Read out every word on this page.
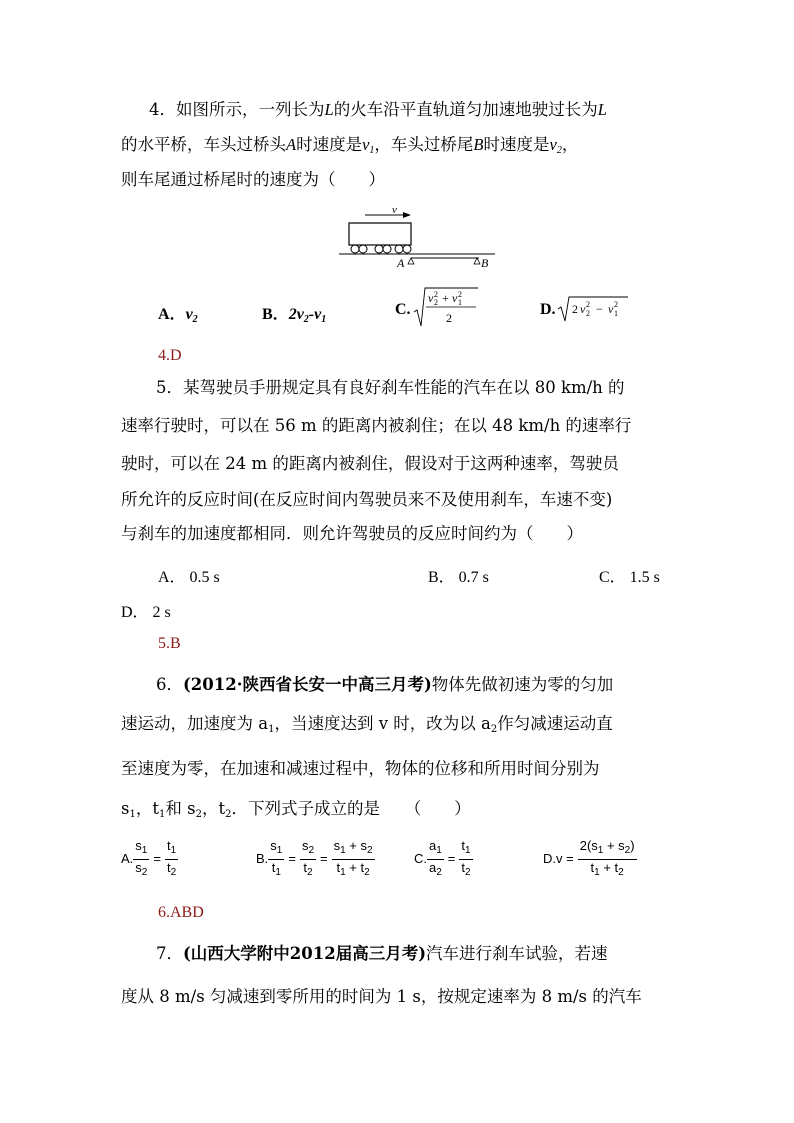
4．如图所示，一列长为L的火车沿平直轨道匀加速地驶过长为L
的水平桥，车头过桥头A时速度是$v_1$，车头过桥尾B时速度是$v_2$，
则车尾通过桥尾时的速度为（　　）
v
A	B
A．$v_2$	B．$2v_2-v_1$
C.
v 2
2 + v 1
2
2	D. 2 v 2
2 − v 1
2
4.D
5．某驾驶员手册规定具有良好刹车性能的汽车在以 80 km/h 的
速率行驶时，可以在 56 m 的距离内被刹住；在以 48 km/h 的速率行
驶时，可以在 24 m 的距离内被刹住，假设对于这两种速率，驾驶员
所允许的反应时间(在反应时间内驾驶员来不及使用刹车，车速不变)
与刹车的加速度都相同．则允许驾驶员的反应时间约为（　　）
A． 0.5 s	B． 0.7 s	C． 1.5 s
D． 2 s
5.B
6．(2012·陕西省长安一中高三月考)物体先做初速为零的匀加
速运动，加速度为 $a_1$，当速度达到 v 时，改为以 $a_2$作匀减速运动直
至速度为零，在加速和减速过程中，物体的位移和所用时间分别为
$s_1$，$t_1$和 $s_2$，$t_2$．下列式子成立的是　　（　　）
A. $\frac{s_1}{s_2} = \frac{t_1}{t_2}$	B. $\frac{s_1}{t_1} = \frac{s_2}{t_2} = \frac{s_1 + s_2}{t_1 + t_2}$	C. $\frac{a_1}{a_2} = \frac{t_1}{t_2}$	$D.v = \frac{2(s_1 + s_2)}{t_1 + t_2}$
6.ABD
7．(山西大学附中2012届高三月考)汽车进行刹车试验，若速
度从 8 m/s 匀减速到零所用的时间为 1 s，按规定速率为 8 m/s 的汽车
